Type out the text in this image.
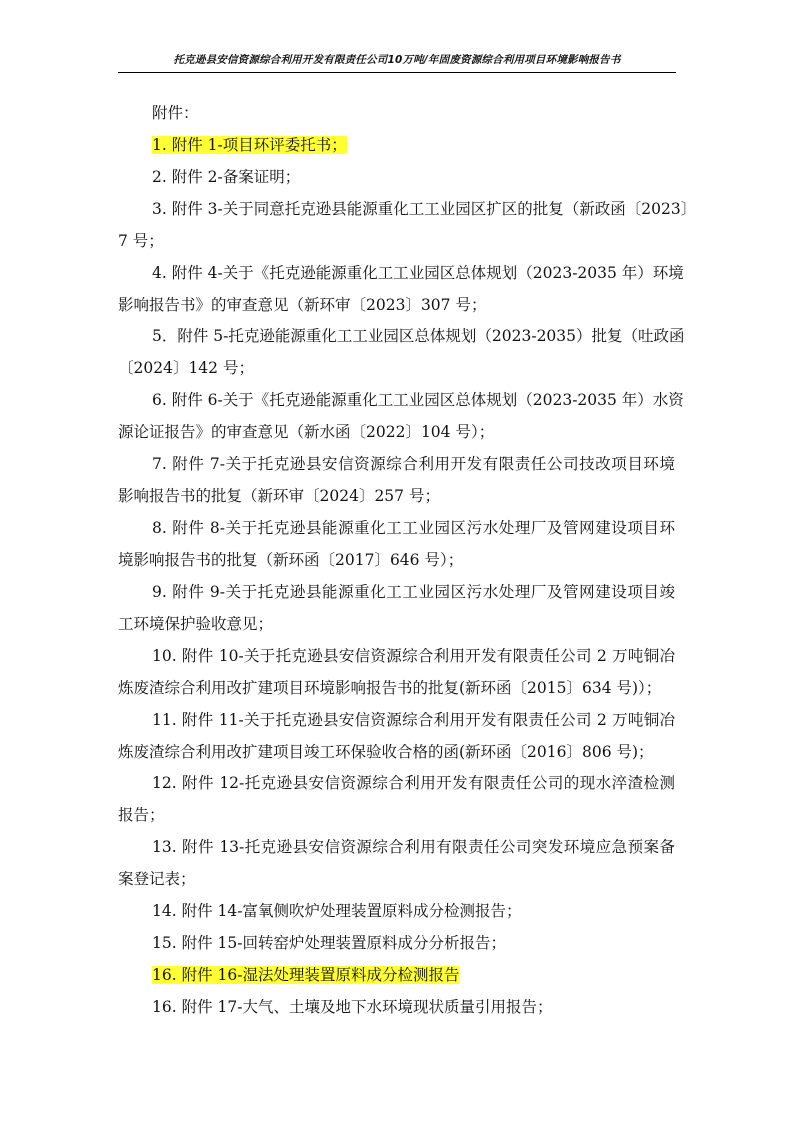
托克逊县安信资源综合利用开发有限责任公司10万吨/年固废资源综合利用项目环境影响报告书
附件：
1. 附件 1-项目环评委托书；
2. 附件 2-备案证明；
3. 附件 3-关于同意托克逊县能源重化工工业园区扩区的批复（新政函〔2023〕
7 号；
4. 附件 4-关于《托克逊能源重化工工业园区总体规划（2023-2035 年）环境
影响报告书》的审查意见（新环审〔2023〕307 号；
5．附件 5-托克逊能源重化工工业园区总体规划（2023-2035）批复（吐政函
〔2024〕142 号；
6. 附件 6-关于《托克逊能源重化工工业园区总体规划（2023-2035 年）水资
源论证报告》的审查意见（新水函〔2022〕104 号）；
7. 附件 7-关于托克逊县安信资源综合利用开发有限责任公司技改项目环境
影响报告书的批复（新环审〔2024〕257 号；
8. 附件 8-关于托克逊县能源重化工工业园区污水处理厂及管网建设项目环
境影响报告书的批复（新环函〔2017〕646 号）；
9. 附件 9-关于托克逊县能源重化工工业园区污水处理厂及管网建设项目竣
工环境保护验收意见；
10. 附件 10-关于托克逊县安信资源综合利用开发有限责任公司 2 万吨铜冶
炼废渣综合利用改扩建项目环境影响报告书的批复(新环函〔2015〕634 号)）；
11. 附件 11-关于托克逊县安信资源综合利用开发有限责任公司 2 万吨铜冶
炼废渣综合利用改扩建项目竣工环保验收合格的函(新环函〔2016〕806 号)；
12. 附件 12-托克逊县安信资源综合利用开发有限责任公司的现水淬渣检测
报告；
13. 附件 13-托克逊县安信资源综合利用有限责任公司突发环境应急预案备
案登记表；
14. 附件 14-富氧侧吹炉处理装置原料成分检测报告；
15. 附件 15-回转窑炉处理装置原料成分分析报告；
16. 附件 16-湿法处理装置原料成分检测报告
16. 附件 17-大气、土壤及地下水环境现状质量引用报告；
